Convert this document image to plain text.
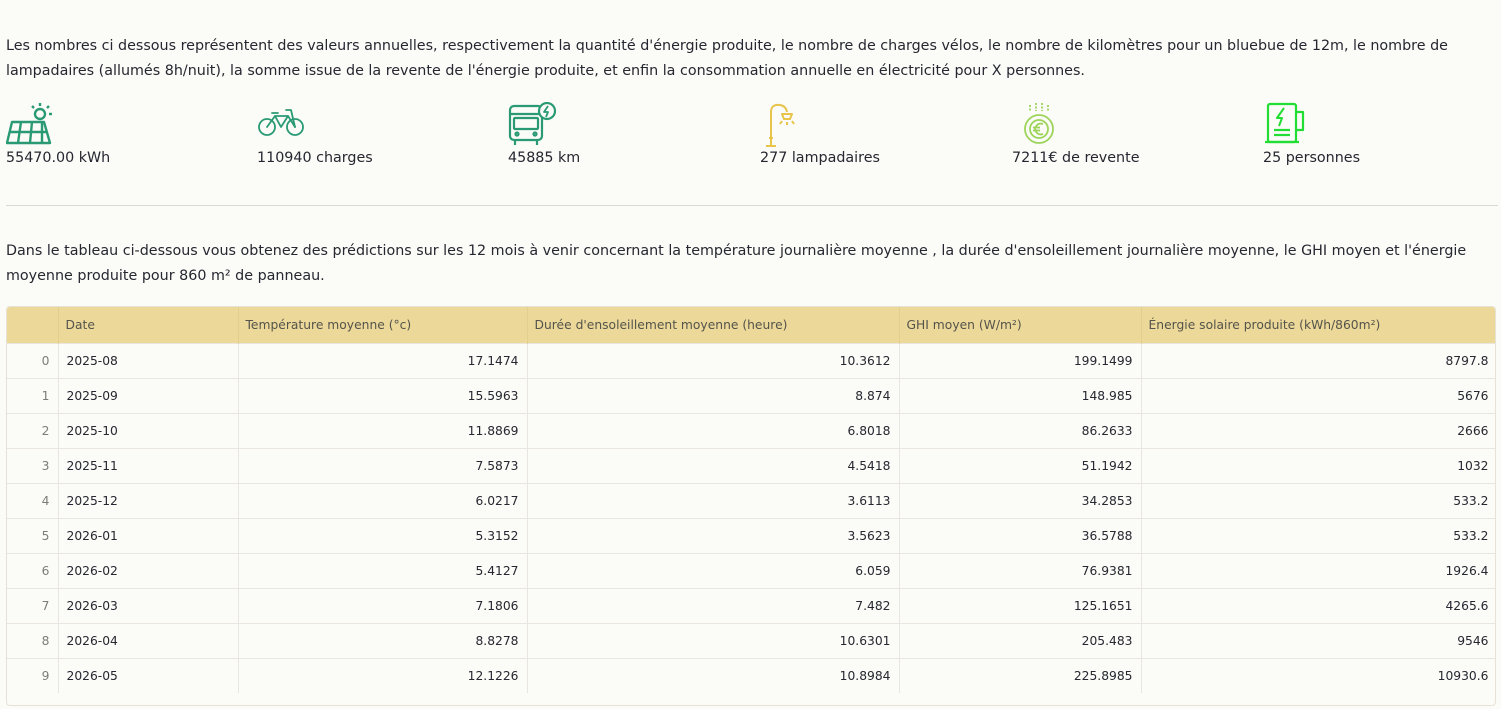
Les nombres ci dessous représentent des valeurs annuelles, respectivement la quantité d'énergie produite, le nombre de charges vélos, le nombre de kilomètres pour un bluebue de 12m, le nombre de lampadaires (allumés 8h/nuit), la somme issue de la revente de l'énergie produite, et enfin la consommation annuelle en électricité pour X personnes.

55470.00 kWh	110940 charges	45885 km	277 lampadaires	7211€ de revente	25 personnes

Dans le tableau ci-dessous vous obtenez des prédictions sur les 12 mois à venir concernant la température journalière moyenne , la durée d'ensoleillement journalière moyenne, le GHI moyen et l'énergie moyenne produite pour 860 m² de panneau.

	Date	Température moyenne (°c)	Durée d'ensoleillement moyenne (heure)	GHI moyen (W/m²)	Énergie solaire produite (kWh/860m²)
0	2025-08	17.1474	10.3612	199.1499	8797.8
1	2025-09	15.5963	8.874	148.985	5676
2	2025-10	11.8869	6.8018	86.2633	2666
3	2025-11	7.5873	4.5418	51.1942	1032
4	2025-12	6.0217	3.6113	34.2853	533.2
5	2026-01	5.3152	3.5623	36.5788	533.2
6	2026-02	5.4127	6.059	76.9381	1926.4
7	2026-03	7.1806	7.482	125.1651	4265.6
8	2026-04	8.8278	10.6301	205.483	9546
9	2026-05	12.1226	10.8984	225.8985	10930.6
